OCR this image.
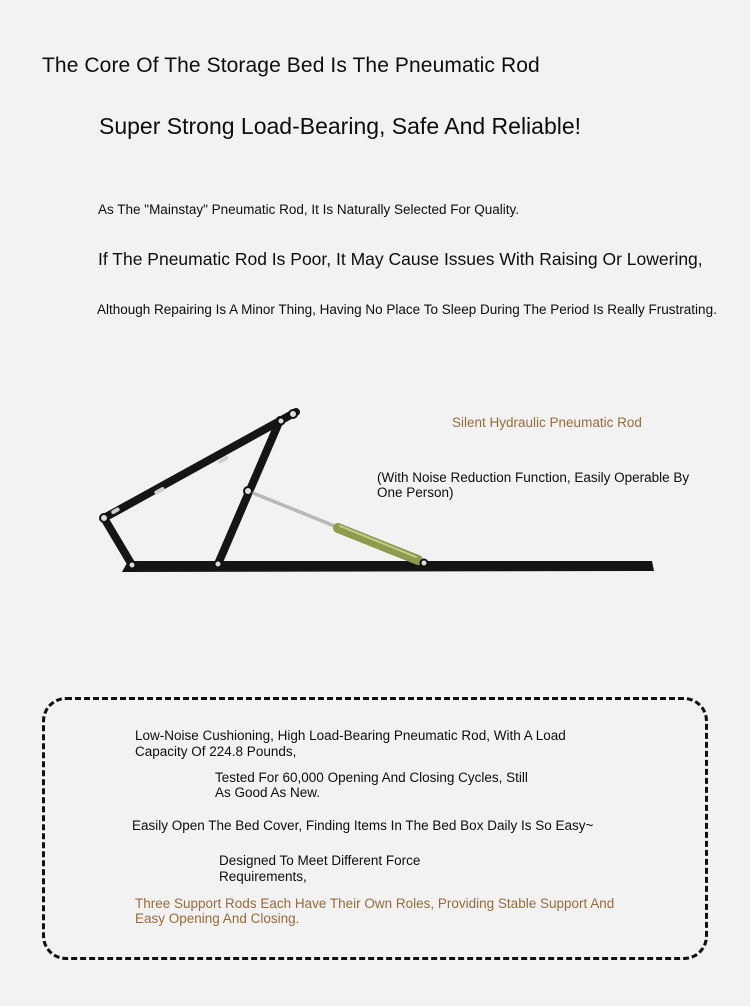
The Core Of The Storage Bed Is The Pneumatic Rod
Super Strong Load-Bearing, Safe And Reliable!
As The "Mainstay" Pneumatic Rod, It Is Naturally Selected For Quality.
If The Pneumatic Rod Is Poor, It May Cause Issues With Raising Or Lowering,
Although Repairing Is A Minor Thing, Having No Place To Sleep During The Period Is Really Frustrating.
Silent Hydraulic Pneumatic Rod
(With Noise Reduction Function, Easily Operable By One Person)
Low-Noise Cushioning, High Load-Bearing Pneumatic Rod, With A Load Capacity Of 224.8 Pounds,
Tested For 60,000 Opening And Closing Cycles, Still As Good As New.
Easily Open The Bed Cover, Finding Items In The Bed Box Daily Is So Easy~
Designed To Meet Different Force Requirements,
Three Support Rods Each Have Their Own Roles, Providing Stable Support And Easy Opening And Closing.
